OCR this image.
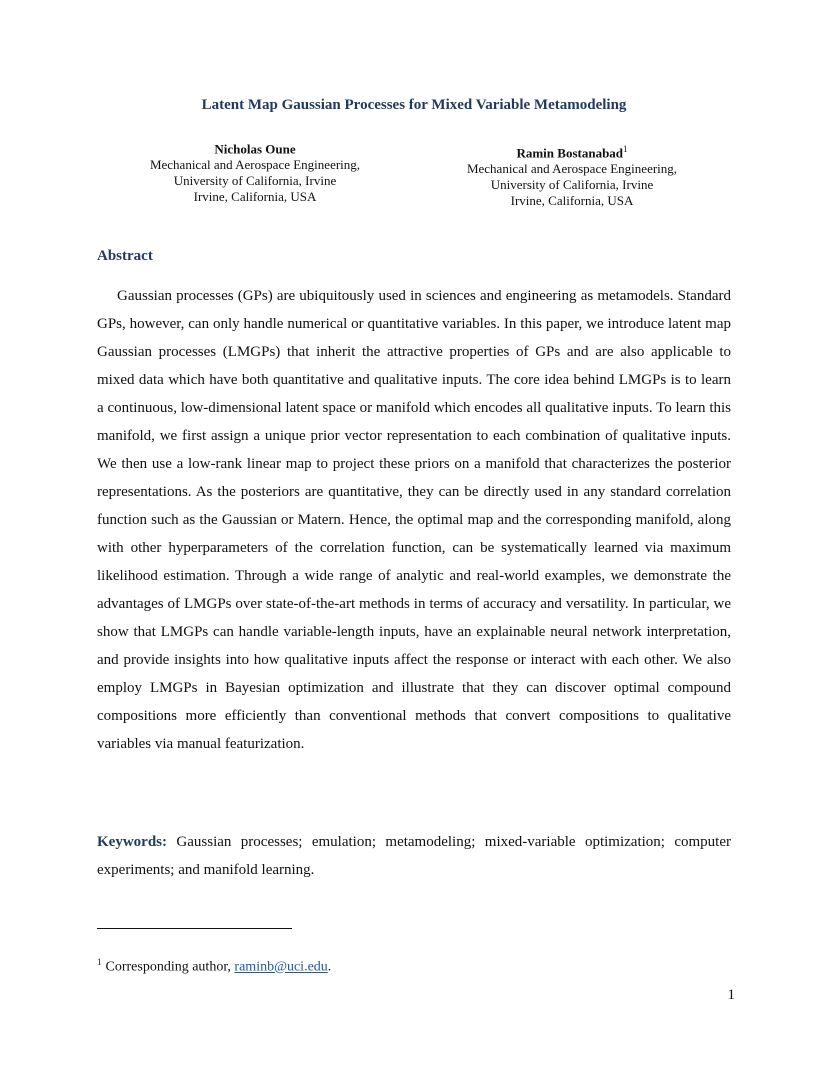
Latent Map Gaussian Processes for Mixed Variable Metamodeling
Nicholas Oune
Mechanical and Aerospace Engineering,
University of California, Irvine
Irvine, California, USA
Ramin Bostanabad$^1$
Mechanical and Aerospace Engineering,
University of California, Irvine
Irvine, California, USA
Abstract

Gaussian processes (GPs) are ubiquitously used in sciences and engineering as metamodels. Standard GPs, however, can only handle numerical or quantitative variables. In this paper, we introduce latent map Gaussian processes (LMGPs) that inherit the attractive properties of GPs and are also applicable to mixed data which have both quantitative and qualitative inputs. The core idea behind LMGPs is to learn a continuous, low-dimensional latent space or manifold which encodes all qualitative inputs. To learn this manifold, we first assign a unique prior vector representation to each combination of qualitative inputs. We then use a low-rank linear map to project these priors on a manifold that characterizes the posterior representations. As the posteriors are quantitative, they can be directly used in any standard correlation function such as the Gaussian or Matern. Hence, the optimal map and the corresponding manifold, along with other hyperparameters of the correlation function, can be systematically learned via maximum likelihood estimation. Through a wide range of analytic and real-world examples, we demonstrate the advantages of LMGPs over state-of-the-art methods in terms of accuracy and versatility. In particular, we show that LMGPs can handle variable-length inputs, have an explainable neural network interpretation, and provide insights into how qualitative inputs affect the response or interact with each other. We also employ LMGPs in Bayesian optimization and illustrate that they can discover optimal compound compositions more efficiently than conventional methods that convert compositions to qualitative variables via manual featurization.

Keywords: Gaussian processes; emulation; metamodeling; mixed-variable optimization; computer experiments; and manifold learning.

$^1$ Corresponding author, raminb@uci.edu.

1
